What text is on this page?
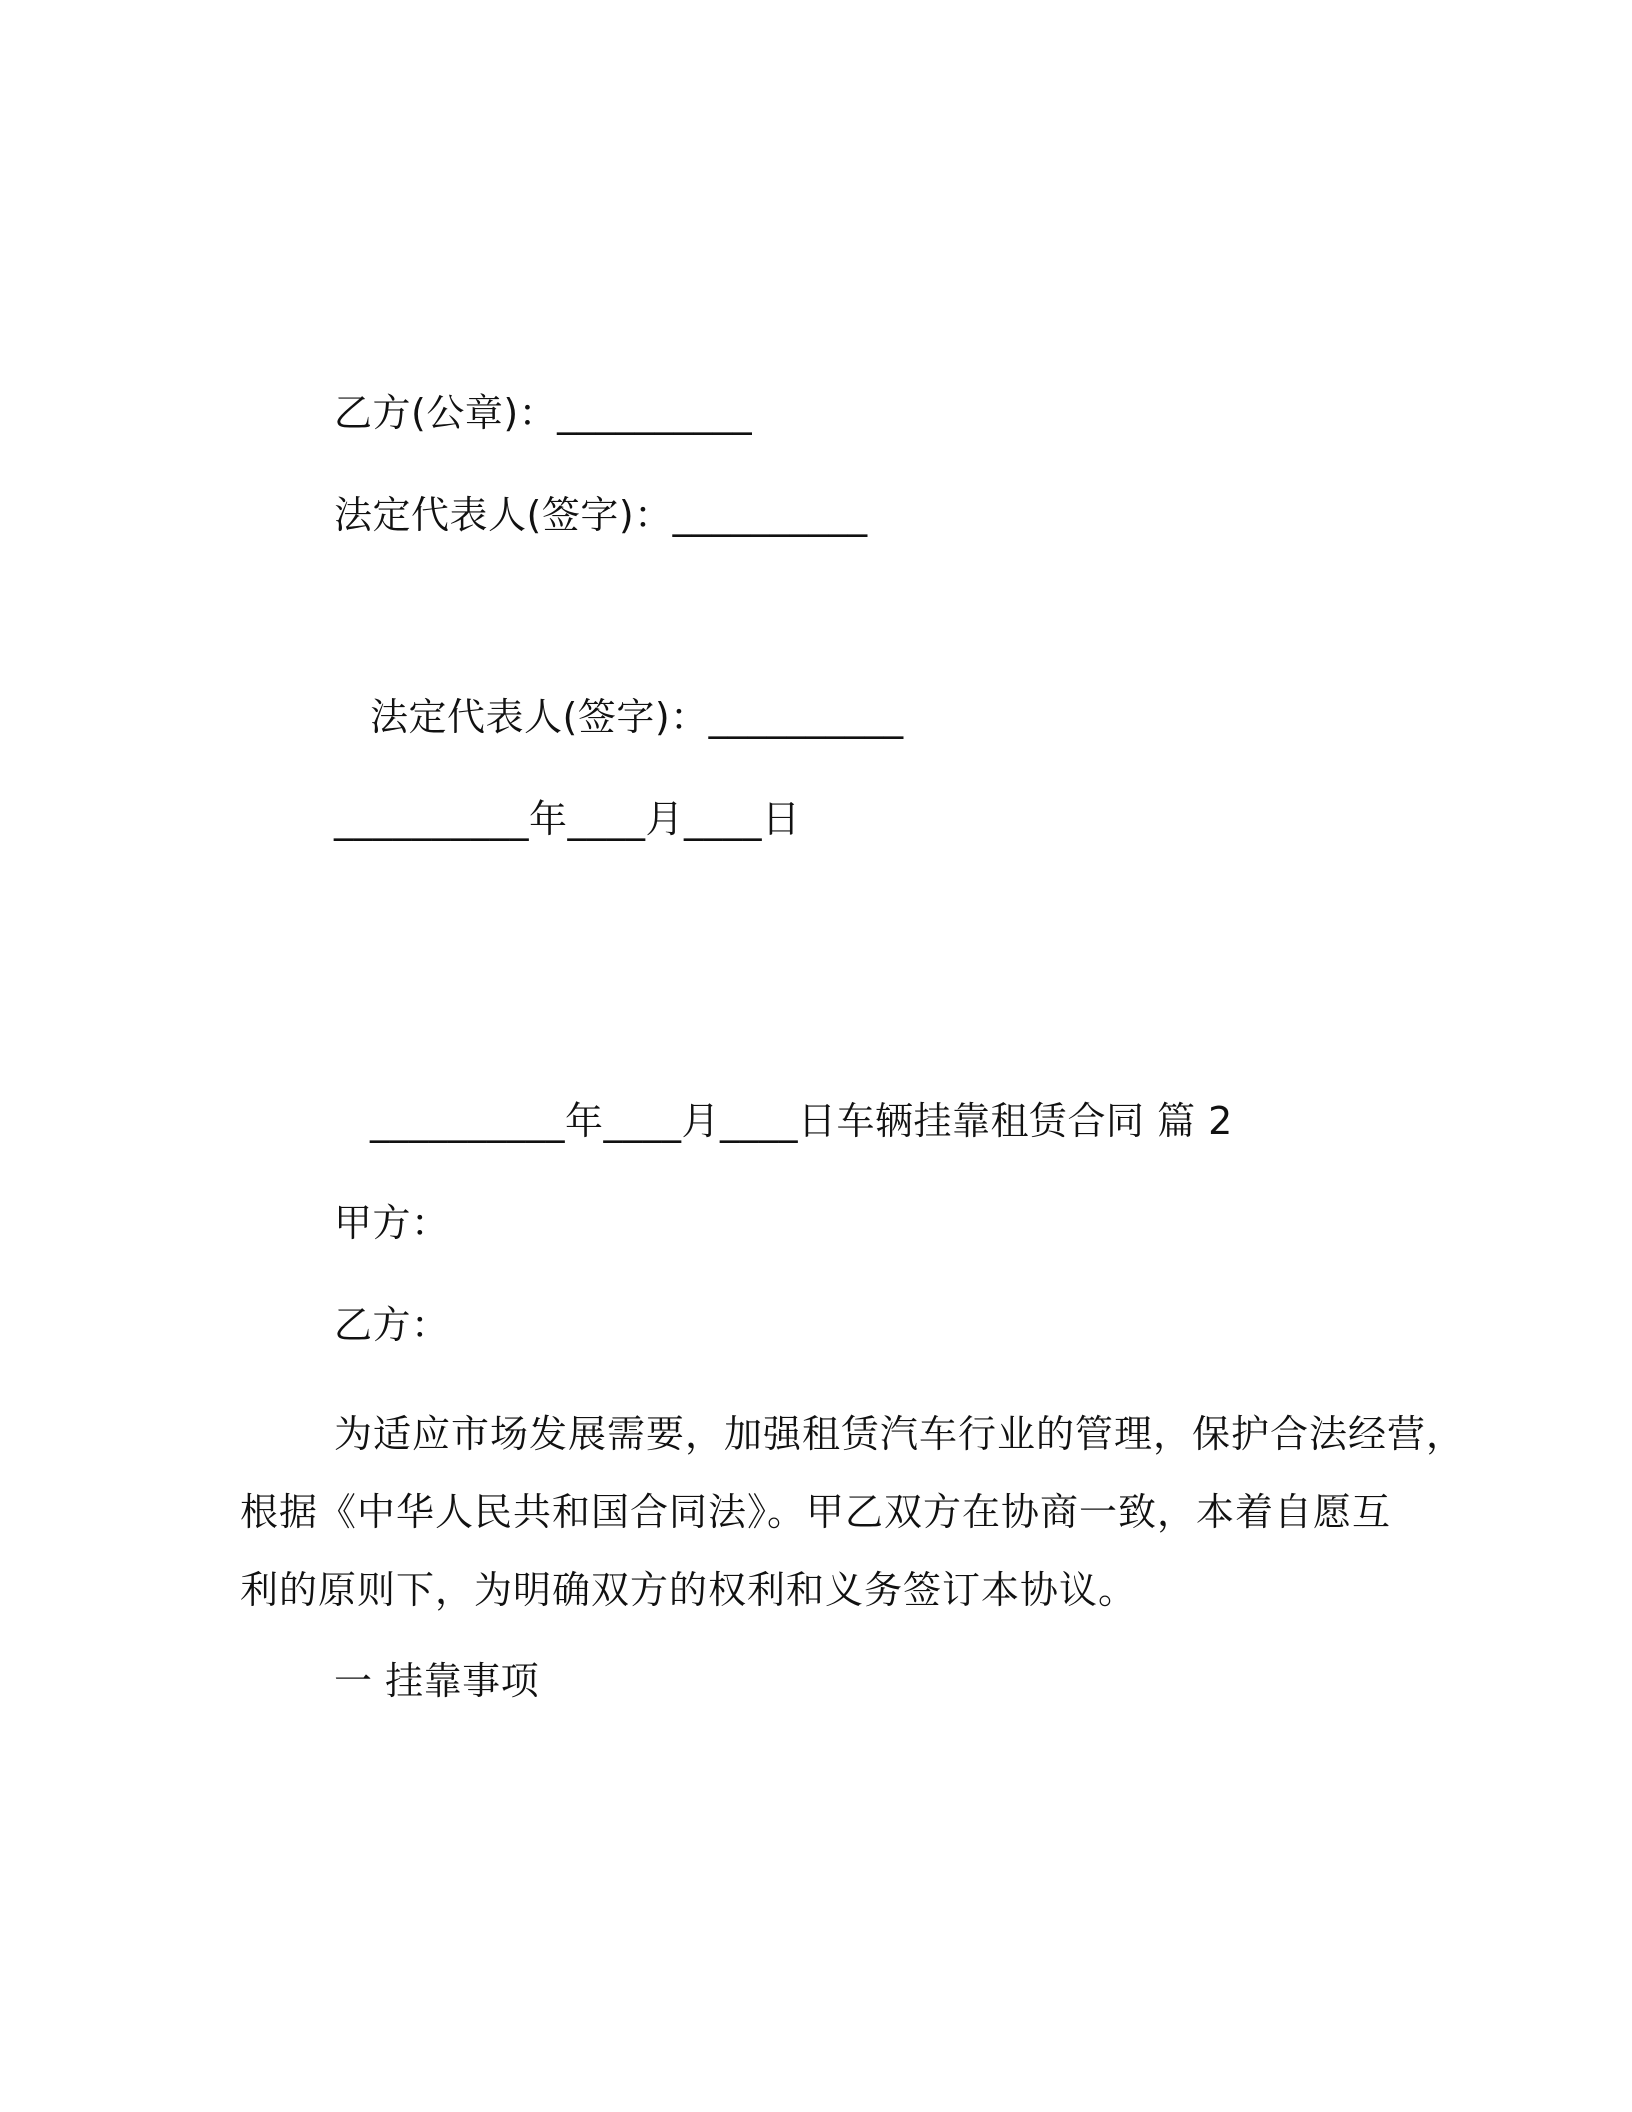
乙方(公章)：__________
法定代表人(签字)：__________
法定代表人(签字)：__________
__________年____月____日
__________年____月____日车辆挂靠租赁合同 篇 2
甲方：
乙方：
为适应市场发展需要，加强租赁汽车行业的管理，保护合法经营，
根据《中华人民共和国合同法》。甲乙双方在协商一致，本着自愿互
利的原则下，为明确双方的权利和义务签订本协议。
一 挂靠事项
